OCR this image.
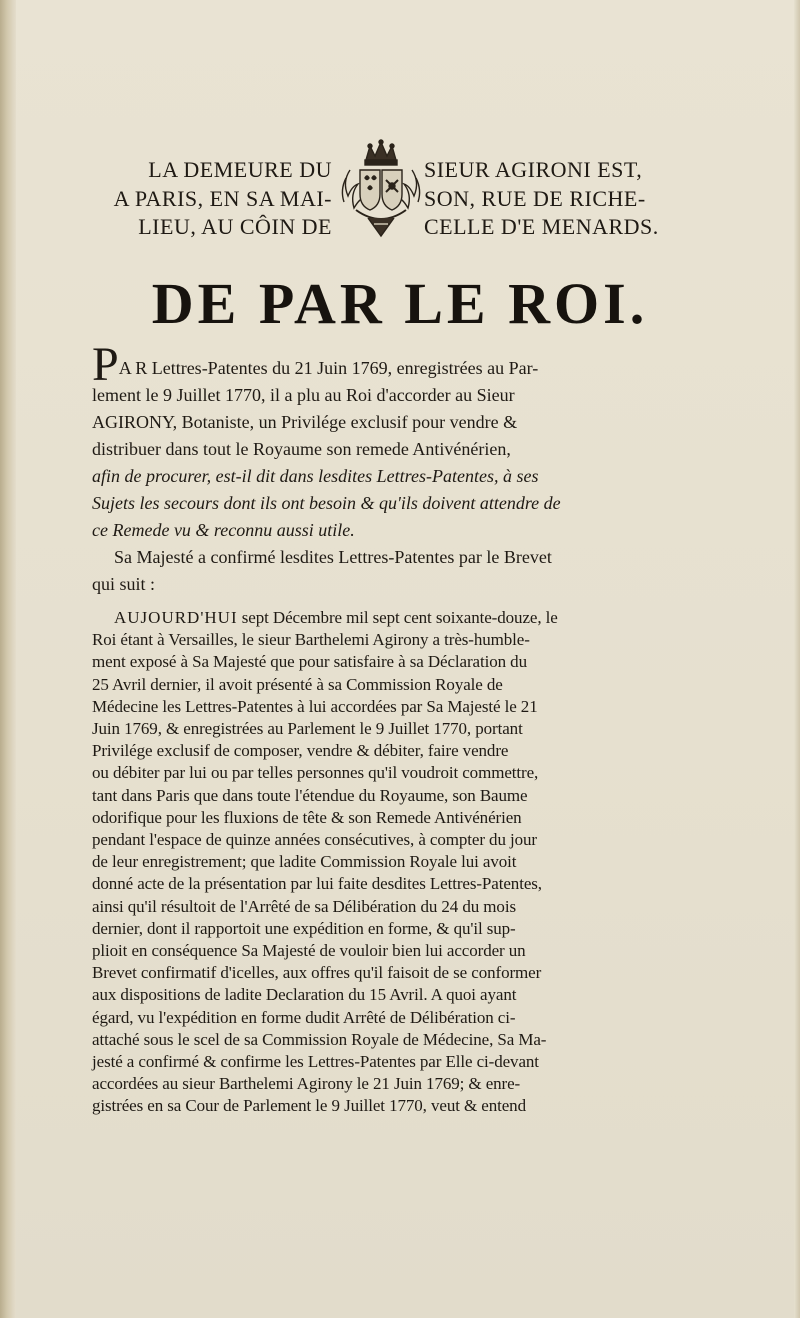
LA DEMEURE DU
A PARIS, EN SA MAI-
LIEU, AU CÔIN DE
SIEUR AGIRONI EST,
SON, RUE DE RICHE-
CELLE D'E MENARDS.
DE PAR LE ROI.
PA R Lettres-Patentes du 21 Juin 1769, enregistrées au Par-
lement le 9 Juillet 1770, il a plu au Roi d'accorder au Sieur
AGIRONY, Botaniste, un Privilége exclusif pour vendre &
distribuer dans tout le Royaume son remede Antivénérien,
afin de procurer, est-il dit dans lesdites Lettres-Patentes, à ses
Sujets les secours dont ils ont besoin & qu'ils doivent attendre de
ce Remede vu & reconnu aussi utile.
Sa Majesté a confirmé lesdites Lettres-Patentes par le Brevet
qui suit :
AUJOURD'HUI sept Décembre mil sept cent soixante-douze, le
Roi étant à Versailles, le sieur Barthelemi Agirony a très-humble-
ment exposé à Sa Majesté que pour satisfaire à sa Déclaration du
25 Avril dernier, il avoit présenté à sa Commission Royale de
Médecine les Lettres-Patentes à lui accordées par Sa Majesté le 21
Juin 1769, & enregistrées au Parlement le 9 Juillet 1770, portant
Privilége exclusif de composer, vendre & débiter, faire vendre
ou débiter par lui ou par telles personnes qu'il voudroit commettre,
tant dans Paris que dans toute l'étendue du Royaume, son Baume
odorifique pour les fluxions de tête & son Remede Antivénérien
pendant l'espace de quinze années consécutives, à compter du jour
de leur enregistrement; que ladite Commission Royale lui avoit
donné acte de la présentation par lui faite desdites Lettres-Patentes,
ainsi qu'il résultoit de l'Arrêté de sa Délibération du 24 du mois
dernier, dont il rapportoit une expédition en forme, & qu'il sup-
plioit en conséquence Sa Majesté de vouloir bien lui accorder un
Brevet confirmatif d'icelles, aux offres qu'il faisoit de se conformer
aux dispositions de ladite Declaration du 15 Avril. A quoi ayant
égard, vu l'expédition en forme dudit Arrêté de Délibération ci-
attaché sous le scel de sa Commission Royale de Médecine, Sa Ma-
jesté a confirmé & confirme les Lettres-Patentes par Elle ci-devant
accordées au sieur Barthelemi Agirony le 21 Juin 1769; & enre-
gistrées en sa Cour de Parlement le 9 Juillet 1770, veut & entend
